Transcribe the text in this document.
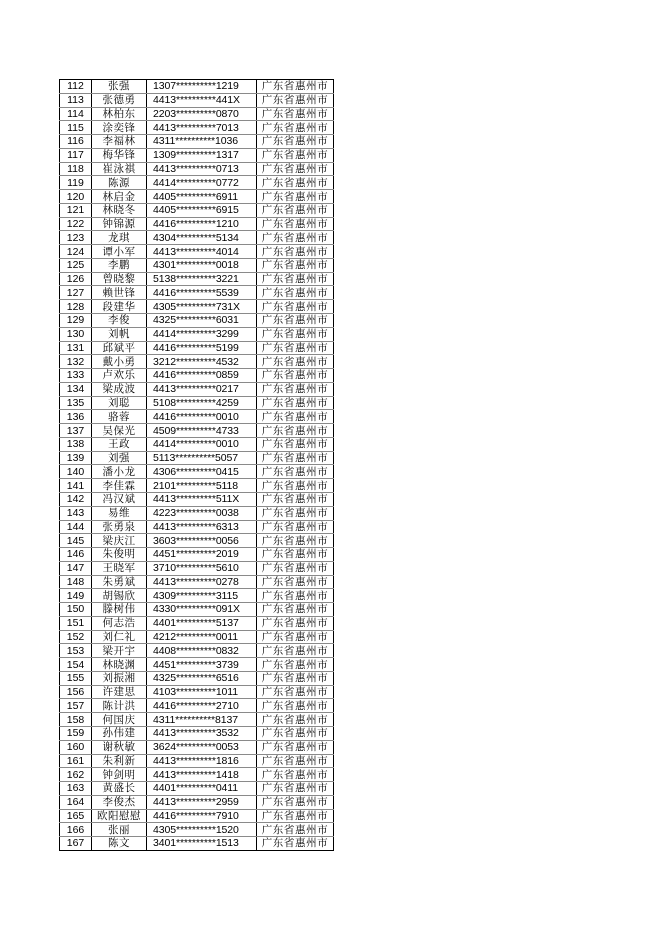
112	张强	1307**********1219	广东省惠州市
113	张德勇	4413**********441X	广东省惠州市
114	林柏东	2203**********0870	广东省惠州市
115	涂奕锋	4413**********7013	广东省惠州市
116	李福林	4311**********1036	广东省惠州市
117	梅华锋	1309**********1317	广东省惠州市
118	崔泳祺	4413**********0713	广东省惠州市
119	陈源	4414**********0772	广东省惠州市
120	林启金	4405**********6911	广东省惠州市
121	林晓冬	4405**********6915	广东省惠州市
122	钟锦源	4416**********1210	广东省惠州市
123	龙琪	4304**********5134	广东省惠州市
124	谭小军	4413**********4014	广东省惠州市
125	李鹏	4301**********0018	广东省惠州市
126	曾晓黎	5138**********3221	广东省惠州市
127	赖世锋	4416**********5539	广东省惠州市
128	段建华	4305**********731X	广东省惠州市
129	李俊	4325**********6031	广东省惠州市
130	刘帆	4414**********3299	广东省惠州市
131	邱斌平	4416**********5199	广东省惠州市
132	戴小勇	3212**********4532	广东省惠州市
133	卢欢乐	4416**********0859	广东省惠州市
134	梁成波	4413**********0217	广东省惠州市
135	刘聪	5108**********4259	广东省惠州市
136	骆蓉	4416**********0010	广东省惠州市
137	吴保光	4509**********4733	广东省惠州市
138	王政	4414**********0010	广东省惠州市
139	刘强	5113**********5057	广东省惠州市
140	潘小龙	4306**********0415	广东省惠州市
141	李佳霖	2101**********5118	广东省惠州市
142	冯汉斌	4413**********511X	广东省惠州市
143	易维	4223**********0038	广东省惠州市
144	张勇泉	4413**********6313	广东省惠州市
145	梁庆江	3603**********0056	广东省惠州市
146	朱俊明	4451**********2019	广东省惠州市
147	王晓军	3710**********5610	广东省惠州市
148	朱勇斌	4413**********0278	广东省惠州市
149	胡锡欣	4309**********3115	广东省惠州市
150	滕树伟	4330**********091X	广东省惠州市
151	何志浩	4401**********5137	广东省惠州市
152	刘仁礼	4212**********0011	广东省惠州市
153	梁开宇	4408**********0832	广东省惠州市
154	林晓渊	4451**********3739	广东省惠州市
155	刘振湘	4325**********6516	广东省惠州市
156	许建思	4103**********1011	广东省惠州市
157	陈计洪	4416**********2710	广东省惠州市
158	何国庆	4311**********8137	广东省惠州市
159	孙伟建	4413**********3532	广东省惠州市
160	谢秋敏	3624**********0053	广东省惠州市
161	朱利新	4413**********1816	广东省惠州市
162	钟剑明	4413**********1418	广东省惠州市
163	黄盛长	4401**********0411	广东省惠州市
164	李俊杰	4413**********2959	广东省惠州市
165	欧阳慰慰	4416**********7910	广东省惠州市
166	张丽	4305**********1520	广东省惠州市
167	陈文	3401**********1513	广东省惠州市
